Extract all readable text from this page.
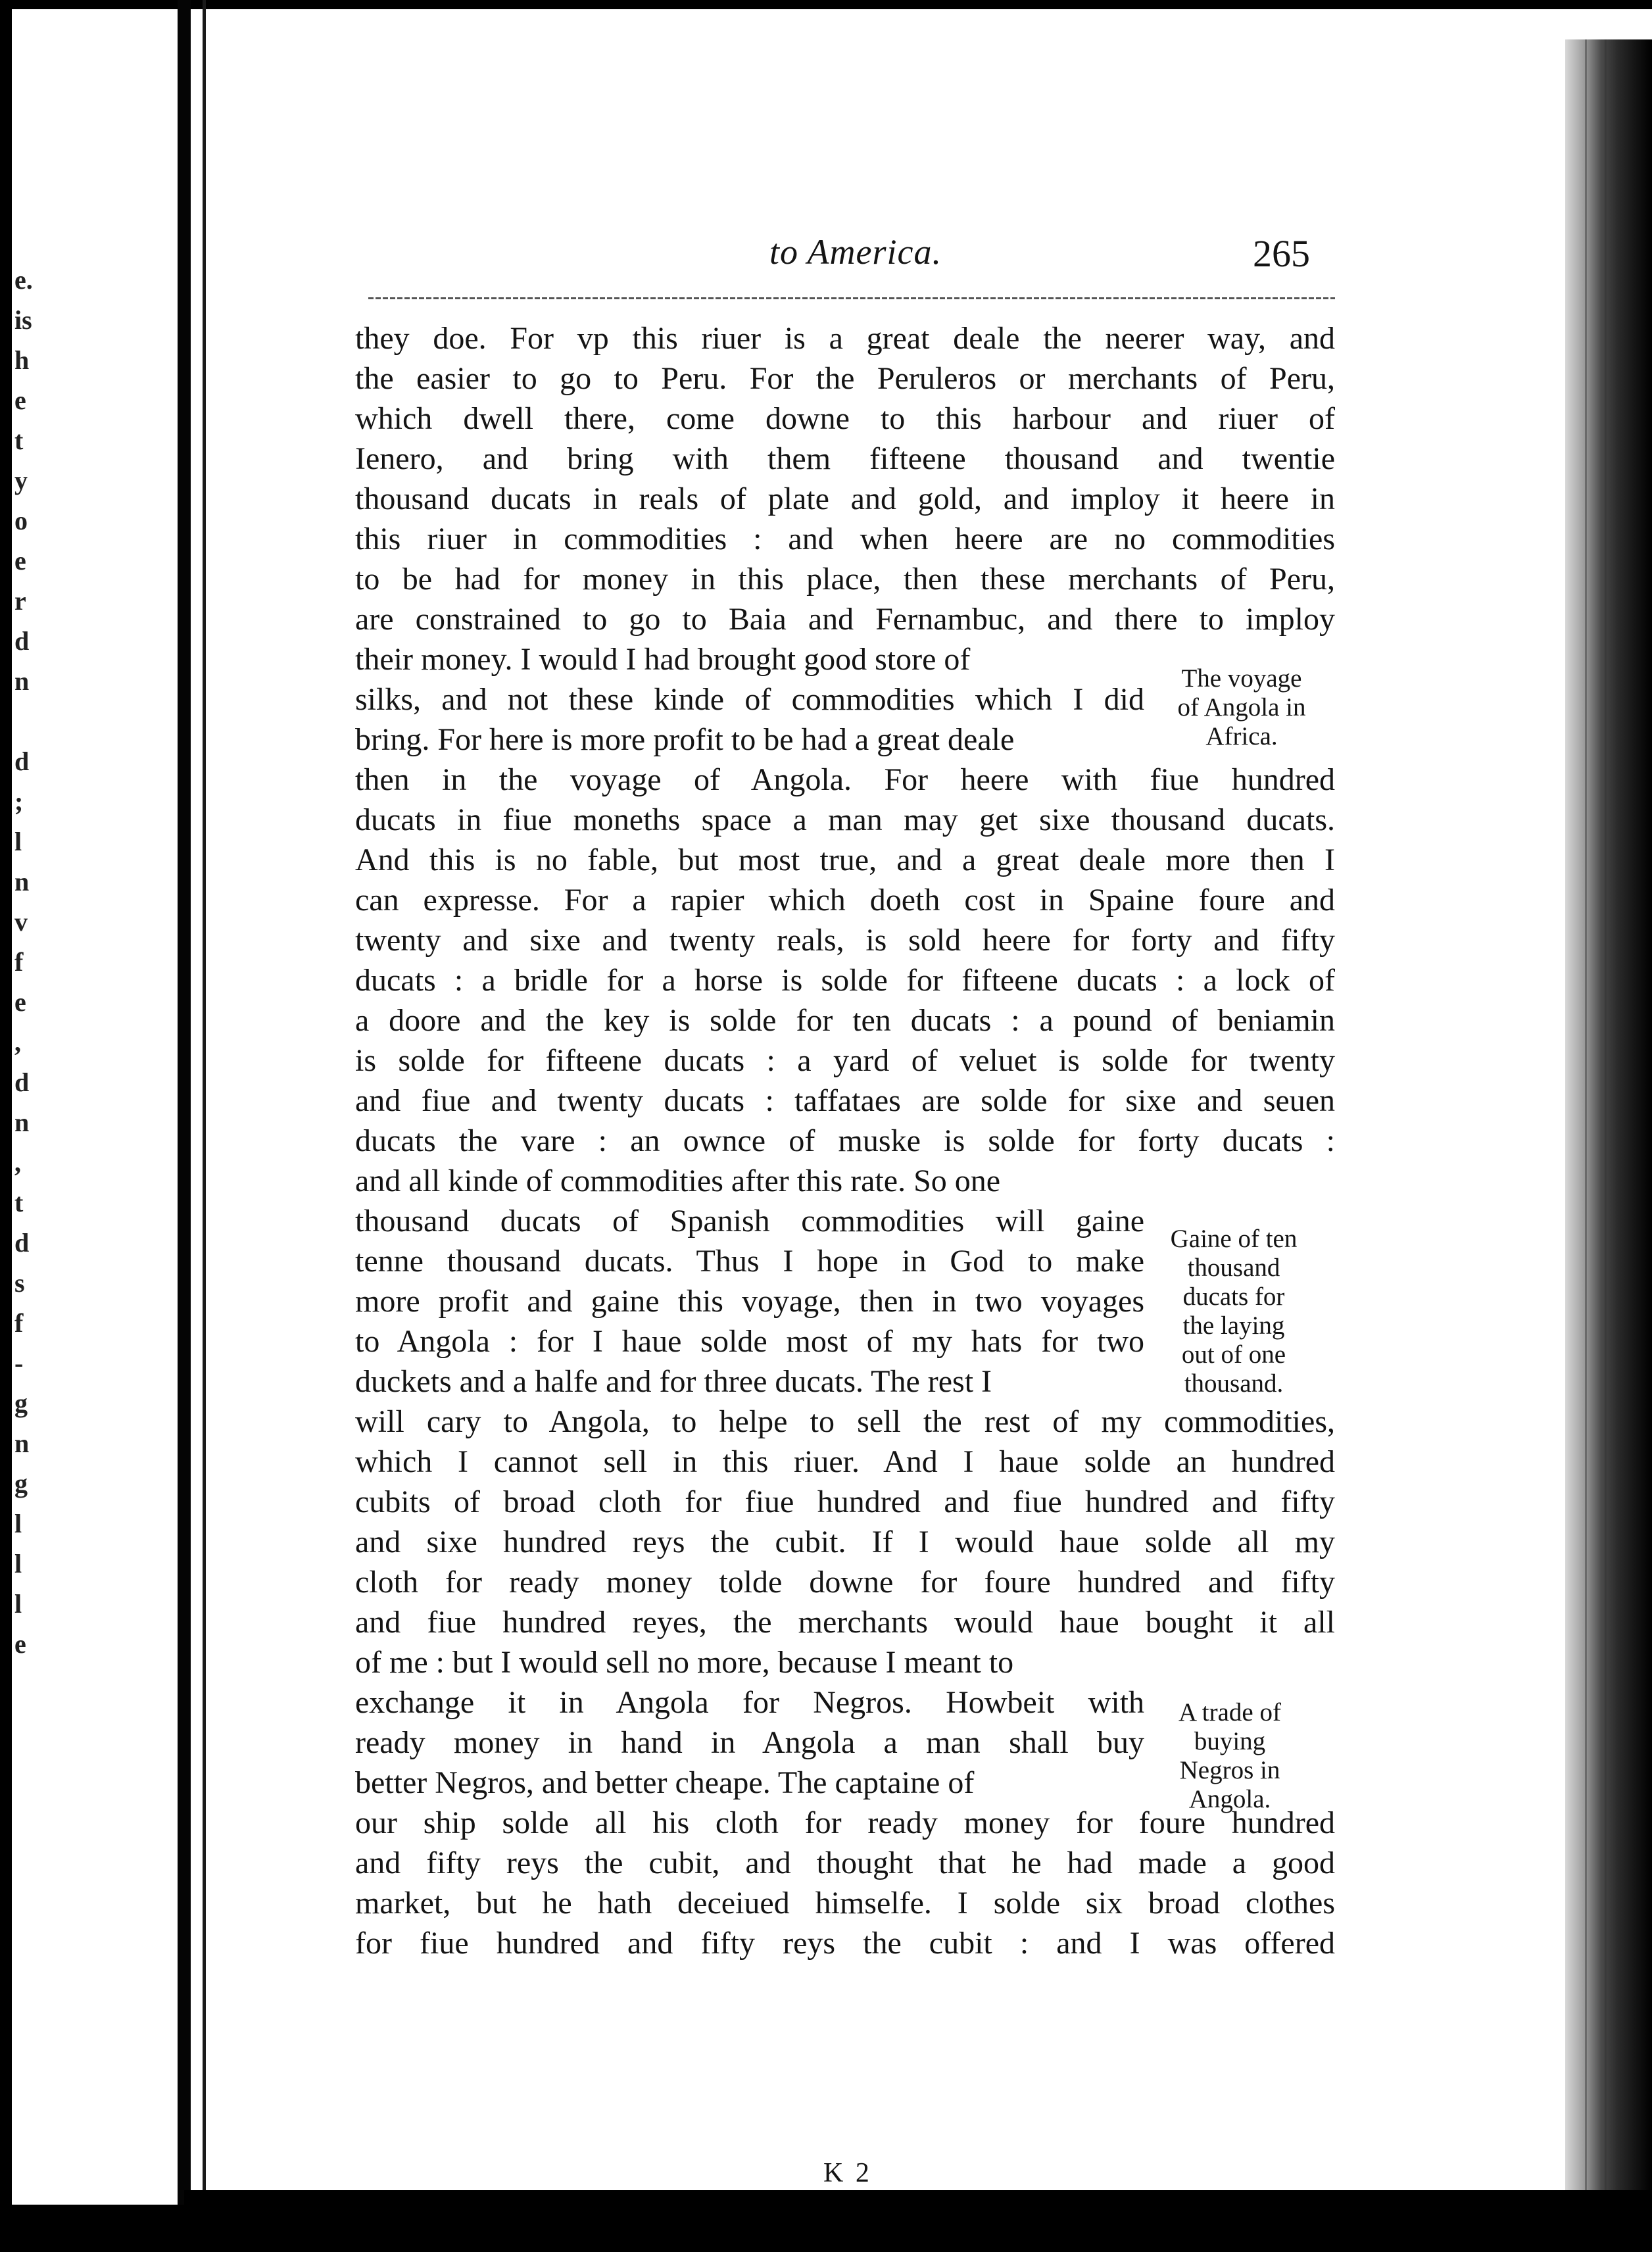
e.
is
h
e
t
y
o
e
r
d
n
d
;
l
n
v
f
e
,
d
n
,
t
d
s
f
-
g
n
g
l
l
l
e
to America.	265
they doe. For vp this riuer is a great deale the neerer way, and
the easier to go to Peru. For the Peruleros or merchants of Peru,
which dwell there, come downe to this harbour and riuer of
Ienero, and bring with them fifteene thousand and twentie
thousand ducats in reals of plate and gold, and imploy it heere in
this riuer in commodities : and when heere are no commodities
to be had for money in this place, then these merchants of Peru,
are constrained to go to Baia and Fernambuc, and there to imploy
their money. I would I had brought good store of
silks, and not these kinde of commodities which I did
bring. For here is more profit to be had a great deale
then in the voyage of Angola. For heere with fiue hundred
ducats in fiue moneths space a man may get sixe thousand ducats.
And this is no fable, but most true, and a great deale more then I
can expresse. For a rapier which doeth cost in Spaine foure and
twenty and sixe and twenty reals, is sold heere for forty and fifty
ducats : a bridle for a horse is solde for fifteene ducats : a lock of
a doore and the key is solde for ten ducats : a pound of beniamin
is solde for fifteene ducats : a yard of veluet is solde for twenty
and fiue and twenty ducats : taffataes are solde for sixe and seuen
ducats the vare : an ownce of muske is solde for forty ducats :
and all kinde of commodities after this rate. So one
thousand ducats of Spanish commodities will gaine
tenne thousand ducats. Thus I hope in God to make
more profit and gaine this voyage, then in two voyages
to Angola : for I haue solde most of my hats for two
duckets and a halfe and for three ducats. The rest I
will cary to Angola, to helpe to sell the rest of my commodities,
which I cannot sell in this riuer. And I haue solde an hundred
cubits of broad cloth for fiue hundred and fiue hundred and fifty
and sixe hundred reys the cubit. If I would haue solde all my
cloth for ready money tolde downe for foure hundred and fifty
and fiue hundred reyes, the merchants would haue bought it all
of me : but I would sell no more, because I meant to
exchange it in Angola for Negros. Howbeit with
ready money in hand in Angola a man shall buy
better Negros, and better cheape. The captaine of
our ship solde all his cloth for ready money for foure hundred
and fifty reys the cubit, and thought that he had made a good
market, but he hath deceiued himselfe. I solde six broad clothes
for fiue hundred and fifty reys the cubit : and I was offered
The voyage
of Angola in
Africa.
Gaine of ten
thousand
ducats for
the laying
out of one
thousand.
A trade of
buying
Negros in
Angola.
K 2
